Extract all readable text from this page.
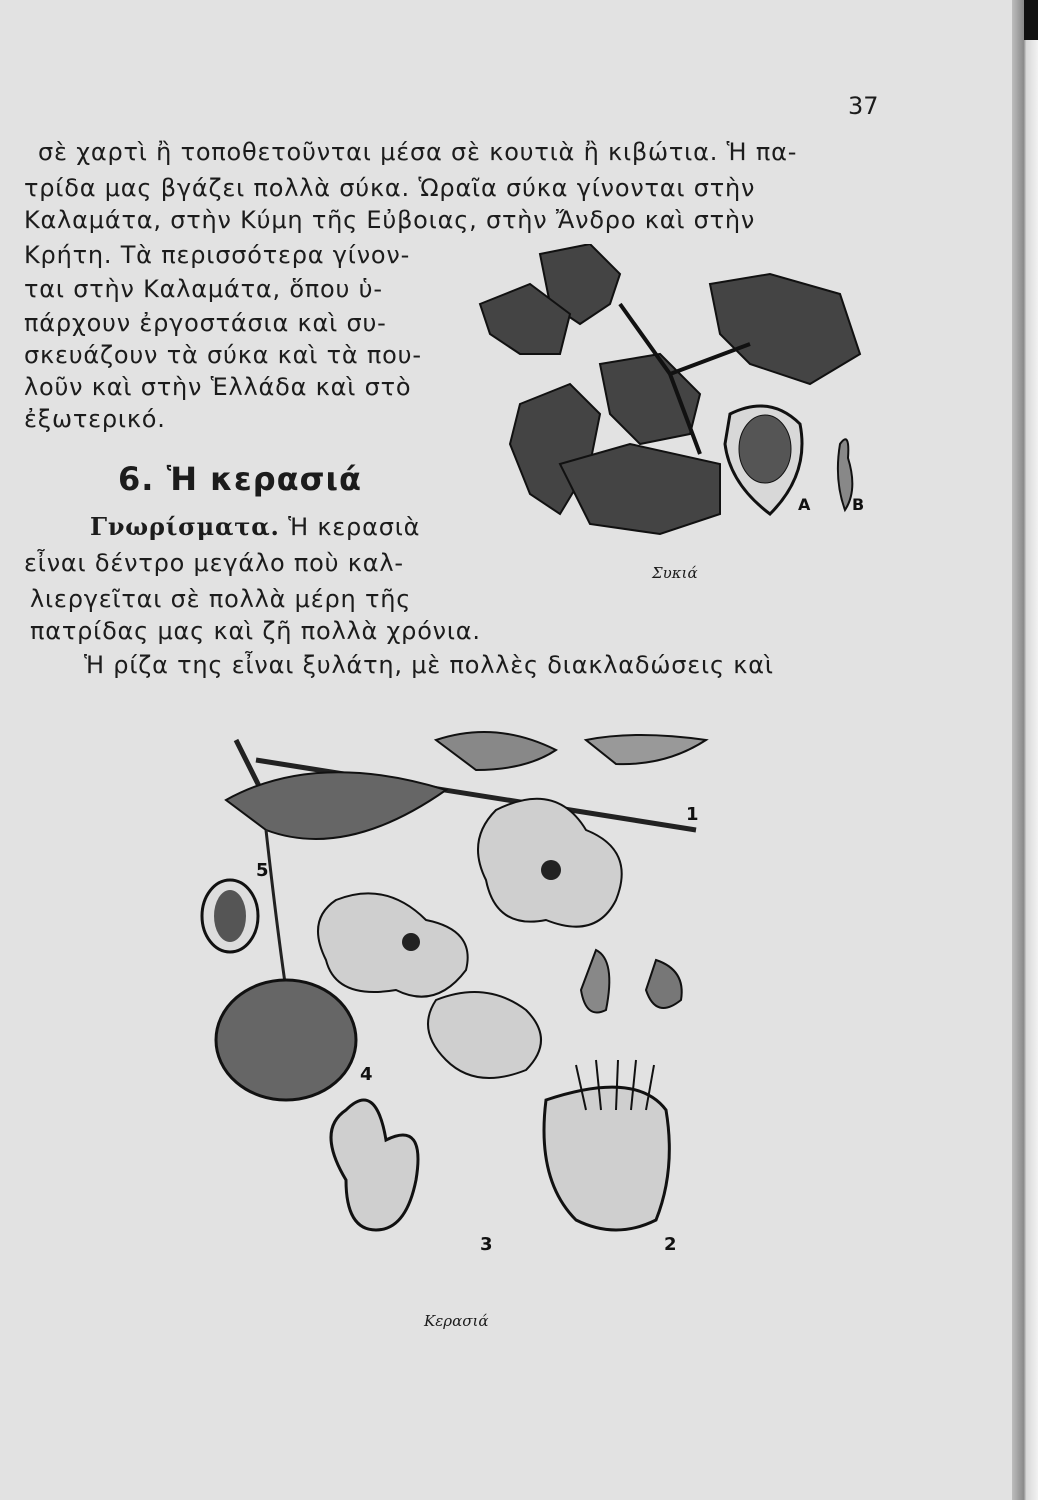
37
σὲ χαρτὶ ἢ τοποθετοῦνται μέσα σὲ κουτιὰ ἢ κιβώτια. Ἡ πα-
τρίδα μας βγάζει πολλὰ σύκα. Ὡραῖα σύκα γίνονται στὴν
Καλαμάτα, στὴν Κύμη τῆς Εὐβοιας, στὴν Ἄνδρο καὶ στὴν
Κρήτη. Τὰ περισσότερα γίνον-
ται στὴν Καλαμάτα, ὅπου ὑ-
πάρχουν ἐργοστάσια καὶ συ-
σκευάζουν τὰ σύκα καὶ τὰ που-
λοῦν καὶ στὴν Ἑλλάδα καὶ στὸ
ἐξωτερικό.
6. Ἡ κερασιά
Γνωρίσματα. Ἡ κερασιὰ
εἶναι δέντρο μεγάλο ποὺ καλ-
λιεργεῖται σὲ πολλὰ μέρη τῆς
πατρίδας μας καὶ ζῆ πολλὰ χρόνια.
Ἡ ρίζα της εἶναι ξυλάτη, μὲ πολλὲς διακλαδώσεις καὶ
Α	Β
Συκιά
1
2
3
4
5
Κερασιά
